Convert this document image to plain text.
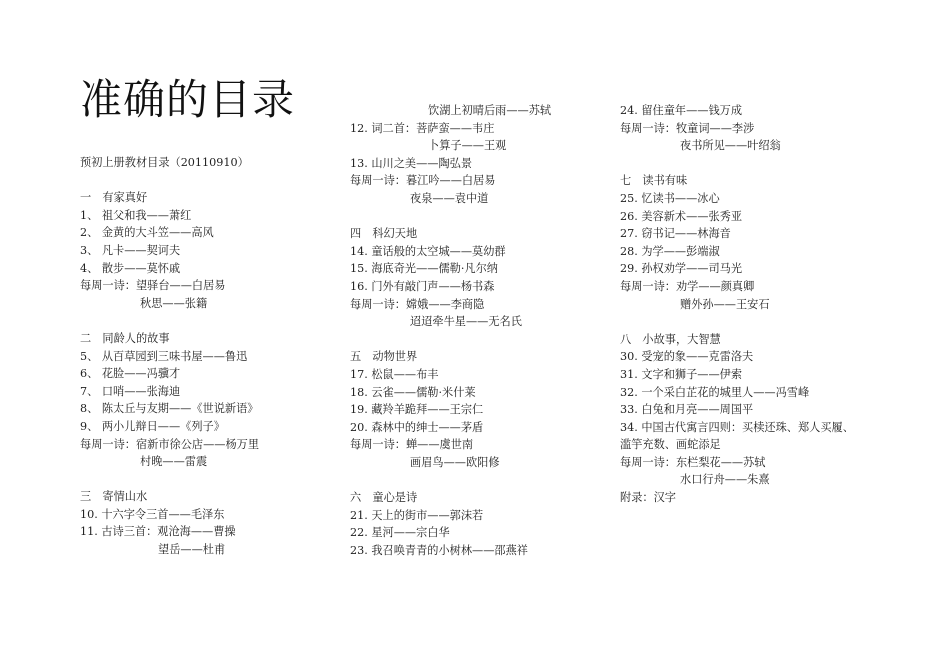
准确的目录
预初上册教材目录（20110910）
一　有家真好
1、 祖父和我——萧红
2、 金黄的大斗笠——高风
3、 凡卡——契诃夫
4、 散步——莫怀戚
每周一诗：望驿台——白居易
秋思——张籍
二　同龄人的故事
5、 从百草园到三味书屋——鲁迅
6、 花脸——冯骥才
7、 口哨——张海迪
8、 陈太丘与友期——《世说新语》
9、 两小儿辩日——《列子》
每周一诗：宿新市徐公店——杨万里
村晚——雷震
三　寄情山水
10. 十六字令三首——毛泽东
11. 古诗三首：观沧海——曹操
望岳——杜甫
饮湖上初晴后雨——苏轼
12. 词二首：菩萨蛮——韦庄
卜算子——王观
13. 山川之美——陶弘景
每周一诗：暮江吟——白居易
夜泉——袁中道
四　科幻天地
14. 童话般的太空城——莫幼群
15. 海底奇光——儒勒·凡尔纳
16. 门外有敲门声——杨书森
每周一诗：嫦娥——李商隐
迢迢牵牛星——无名氏
五　动物世界
17. 松鼠——布丰
18. 云雀——儒勒·米什莱
19. 藏羚羊跪拜——王宗仁
20. 森林中的绅士——茅盾
每周一诗：蝉——虞世南
画眉鸟——欧阳修
六　童心是诗
21. 天上的街市——郭沫若
22. 星河——宗白华
23. 我召唤青青的小树林——邵燕祥
24. 留住童年——钱万成
每周一诗：牧童词——李涉
夜书所见——叶绍翁
七　读书有味
25. 忆读书——冰心
26. 美容新术——张秀亚
27. 窃书记——林海音
28. 为学——彭端淑
29. 孙权劝学——司马光
每周一诗：劝学——颜真卿
赠外孙——王安石
八　小故事，大智慧
30. 受宠的象——克雷洛夫
31. 文字和狮子——伊索
32. 一个采白芷花的城里人——冯雪峰
33. 白兔和月亮——周国平
34. 中国古代寓言四则：买椟还珠、郑人买履、
滥竽充数、画蛇添足
每周一诗：东栏梨花——苏轼
水口行舟——朱熹
附录：汉字
